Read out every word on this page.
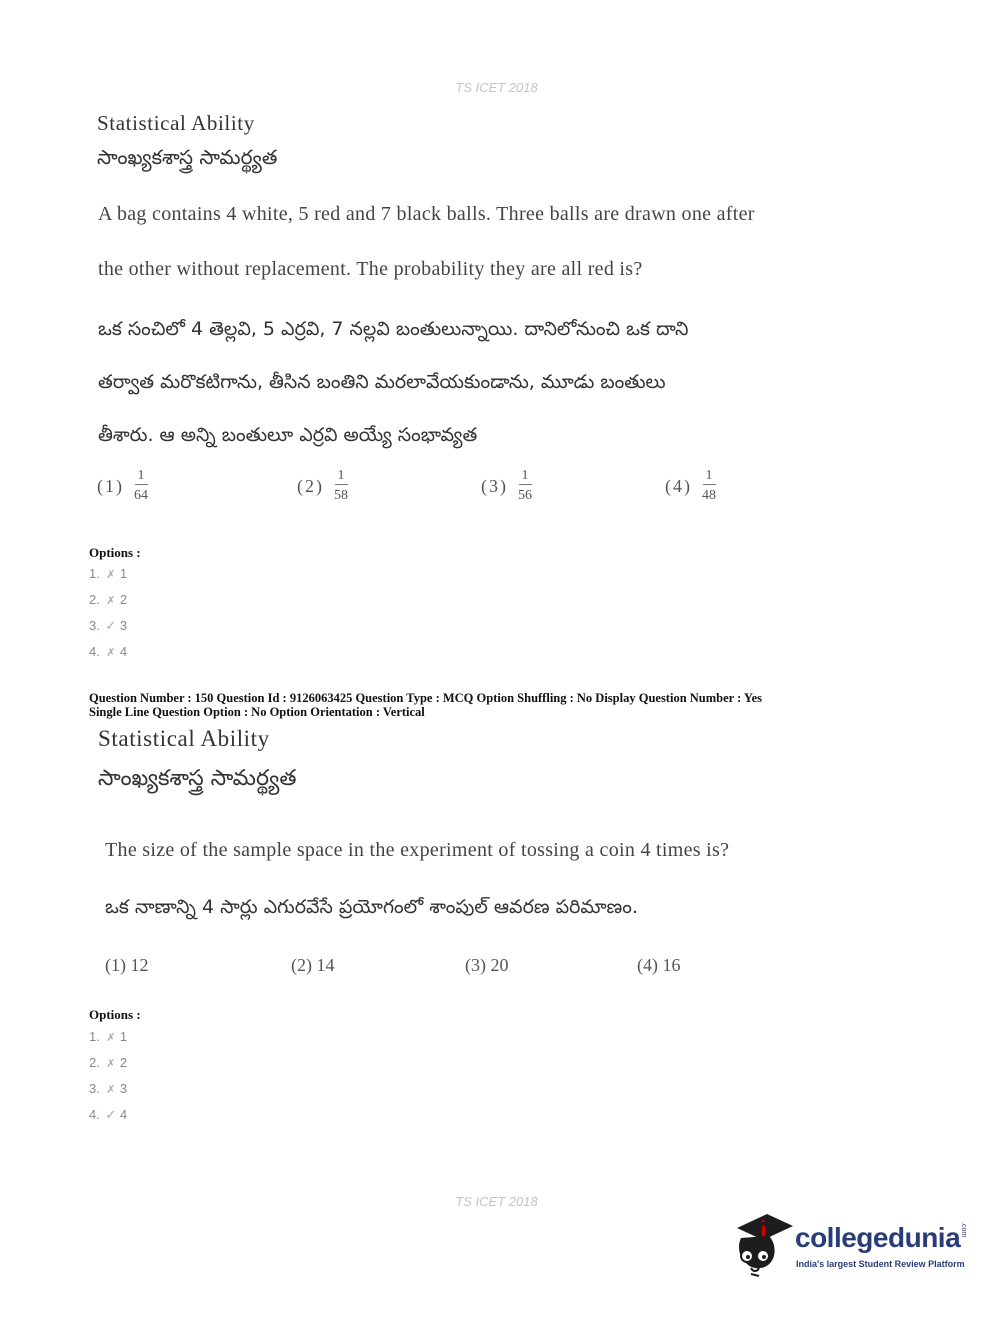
TS ICET 2018
Statistical Ability
సాంఖ్యకశాస్త్ర సామర్థ్యత
A bag contains 4 white, 5 red and 7 black balls. Three balls are drawn one after
the other without replacement. The probability they are all red is?
ఒక సంచిలో 4 తెల్లవి, 5 ఎర్రవి, 7 నల్లవి బంతులున్నాయి. దానిలోనుంచి ఒక దాని
తర్వాత మరొకటిగాను, తీసిన బంతిని మరలావేయకుండాను, మూడు బంతులు
తీశారు. ఆ అన్ని బంతులూ ఎర్రవి అయ్యే సంభావ్యత
$(1) \frac{1}{64}$	$(2) \frac{1}{58}$	$(3) \frac{1}{56}$	$(4) \frac{1}{48}$
Options :
1. ✗ 1
2. ✗ 2
3. ✓ 3
4. ✗ 4
Question Number : 150 Question Id : 9126063425 Question Type : MCQ Option Shuffling : No Display Question Number : Yes
Single Line Question Option : No Option Orientation : Vertical
Statistical Ability
సాంఖ్యకశాస్త్ర సామర్థ్యత
The size of the sample space in the experiment of tossing a coin 4 times is?
ఒక నాణాన్ని 4 సార్లు ఎగురవేసే ప్రయోగంలో శాంపుల్ ఆవరణ పరిమాణం.
(1) 12	(2) 14	(3) 20	(4) 16
Options :
1. ✗ 1
2. ✗ 2
3. ✗ 3
4. ✓ 4
TS ICET 2018
collegedunia.com
India's largest Student Review Platform
